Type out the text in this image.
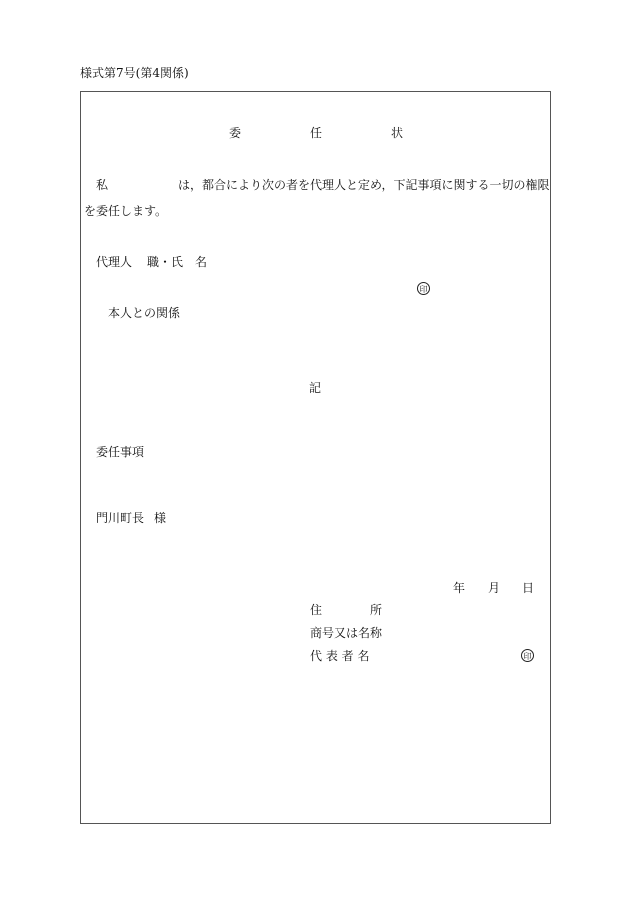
様式第7号(第4関係)
委	任	状
私	は，都合により次の者を代理人と定め，下記事項に関する一切の権限
を委任します。
代理人 職・氏　名
印
本人との関係
記
委任事項
門川町長 様
年 月 日
住　　　　所
商号又は名称
代 表 者 名	印
